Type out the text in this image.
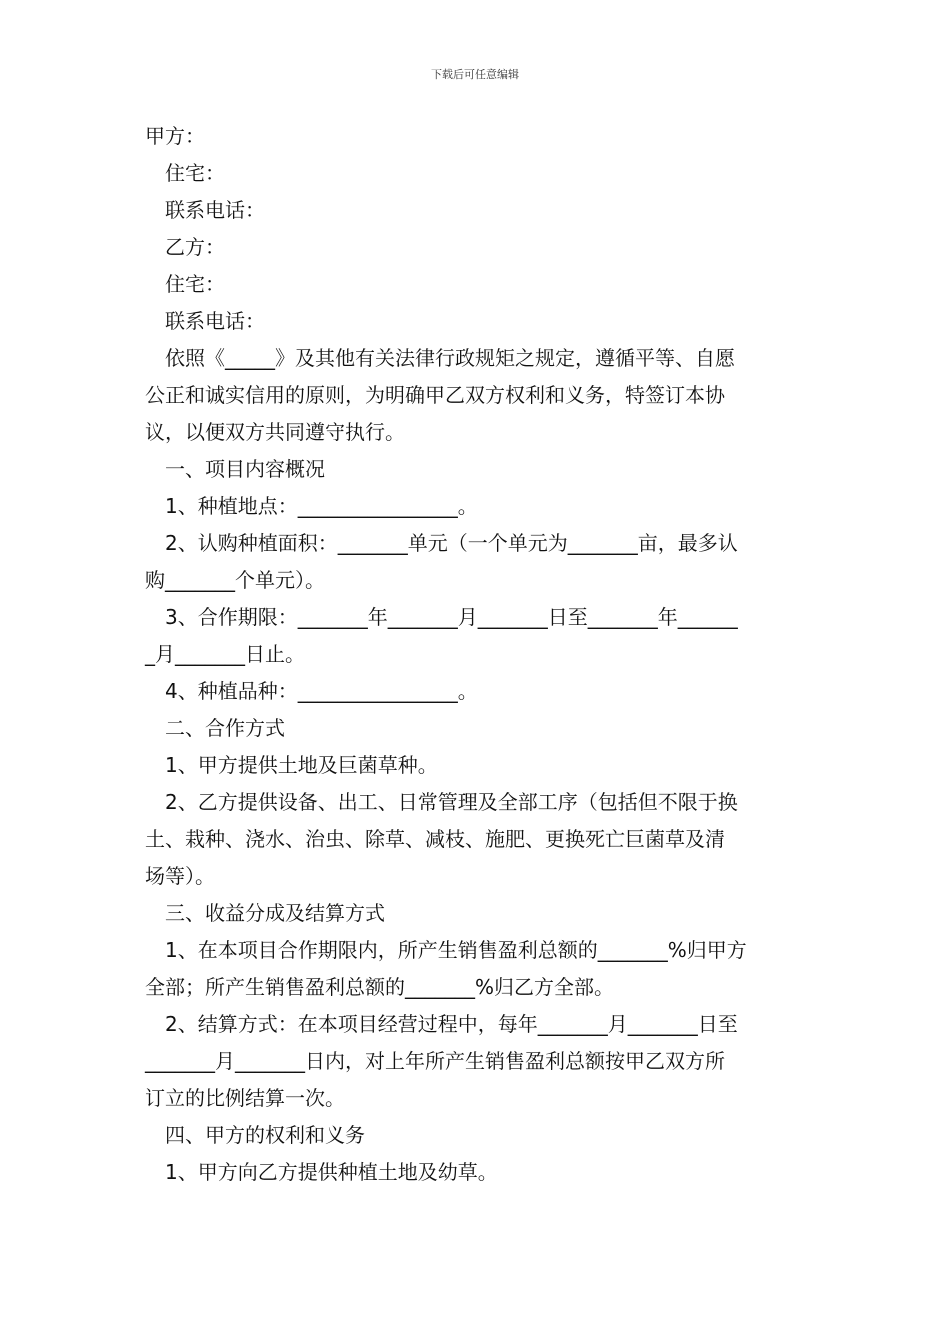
下载后可任意编辑
甲方：
住宅：
联系电话：
乙方：
住宅：
联系电话：
依照《_____》及其他有关法律行政规矩之规定，遵循平等、自愿
公正和诚实信用的原则，为明确甲乙双方权利和义务，特签订本协
议，以便双方共同遵守执行。
一、项目内容概况
1、种植地点：________________。
2、认购种植面积：_______单元（一个单元为_______亩，最多认
购_______个单元）。
3、合作期限：_______年_______月_______日至_______年______
_月_______日止。
4、种植品种：________________。
二、合作方式
1、甲方提供土地及巨菌草种。
2、乙方提供设备、出工、日常管理及全部工序（包括但不限于换
土、栽种、浇水、治虫、除草、减枝、施肥、更换死亡巨菌草及清
场等）。
三、收益分成及结算方式
1、在本项目合作期限内，所产生销售盈利总额的_______%归甲方
全部；所产生销售盈利总额的_______%归乙方全部。
2、结算方式：在本项目经营过程中，每年_______月_______日至
_______月_______日内，对上年所产生销售盈利总额按甲乙双方所
订立的比例结算一次。
四、甲方的权利和义务
1、甲方向乙方提供种植土地及幼草。
